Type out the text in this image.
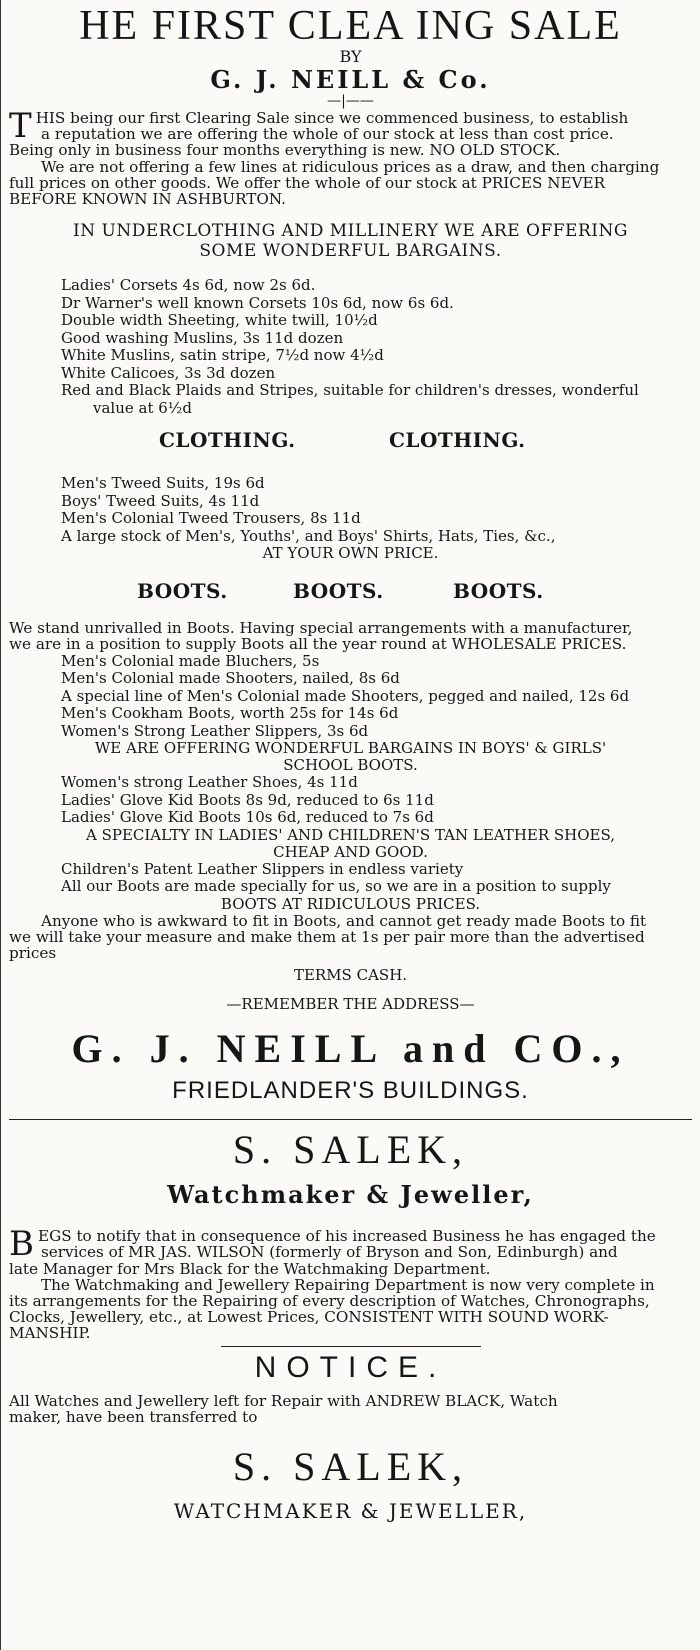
HE FIRST CLEA ING SALE

BY

G. J. NEILL & Co.

—|——

T HIS being our first Clearing Sale since we commenced business, to establish

a reputation we are offering the whole of our stock at less than cost price.

Being only in business four months everything is new. NO OLD STOCK.

We are not offering a few lines at ridiculous prices as a draw, and then charging

full prices on other goods. We offer the whole of our stock at PRICES NEVER

BEFORE KNOWN IN ASHBURTON.

IN UNDERCLOTHING AND MILLINERY WE ARE OFFERING

SOME WONDERFUL BARGAINS.

Ladies' Corsets 4s 6d, now 2s 6d.
Dr Warner's well known Corsets 10s 6d, now 6s 6d.
Double width Sheeting, white twill, 10½d
Good washing Muslins, 3s 11d dozen
White Muslins, satin stripe, 7½d now 4½d
White Calicoes, 3s 3d dozen
Red and Black Plaids and Stripes, suitable for children's dresses, wonderful
value at 6½d
CLOTHING.	CLOTHING.
Men's Tweed Suits, 19s 6d
Boys' Tweed Suits, 4s 11d
Men's Colonial Tweed Trousers, 8s 11d
A large stock of Men's, Youths', and Boys' Shirts, Hats, Ties, &c.,

AT YOUR OWN PRICE.

BOOTS.	BOOTS.	BOOTS.

We stand unrivalled in Boots. Having special arrangements with a manufacturer,

we are in a position to supply Boots all the year round at WHOLESALE PRICES.

Men's Colonial made Bluchers, 5s
Men's Colonial made Shooters, nailed, 8s 6d
A special line of Men's Colonial made Shooters, pegged and nailed, 12s 6d
Men's Cookham Boots, worth 25s for 14s 6d
Women's Strong Leather Slippers, 3s 6d

WE ARE OFFERING WONDERFUL BARGAINS IN BOYS' & GIRLS'

SCHOOL BOOTS.

Women's strong Leather Shoes, 4s 11d
Ladies' Glove Kid Boots 8s 9d, reduced to 6s 11d
Ladies' Glove Kid Boots 10s 6d, reduced to 7s 6d

A SPECIALTY IN LADIES' AND CHILDREN'S TAN LEATHER SHOES,

CHEAP AND GOOD.

Children's Patent Leather Slippers in endless variety
All our Boots are made specially for us, so we are in a position to supply

BOOTS AT RIDICULOUS PRICES.

Anyone who is awkward to fit in Boots, and cannot get ready made Boots to fit

we will take your measure and make them at 1s per pair more than the advertised

prices

TERMS CASH.

—REMEMBER THE ADDRESS—

G. J. NEILL and CO.,

FRIEDLANDER'S BUILDINGS.

S. SALEK,

Watchmaker & Jeweller,

B EGS to notify that in consequence of his increased Business he has engaged the

services of MR JAS. WILSON (formerly of Bryson and Son, Edinburgh) and

late Manager for Mrs Black for the Watchmaking Department.

The Watchmaking and Jewellery Repairing Department is now very complete in

its arrangements for the Repairing of every description of Watches, Chronographs,

Clocks, Jewellery, etc., at Lowest Prices, CONSISTENT WITH SOUND WORK-

MANSHIP.

NOTICE.

All Watches and Jewellery left for Repair with ANDREW BLACK, Watch

maker, have been transferred to

S. SALEK,

WATCHMAKER & JEWELLER,
